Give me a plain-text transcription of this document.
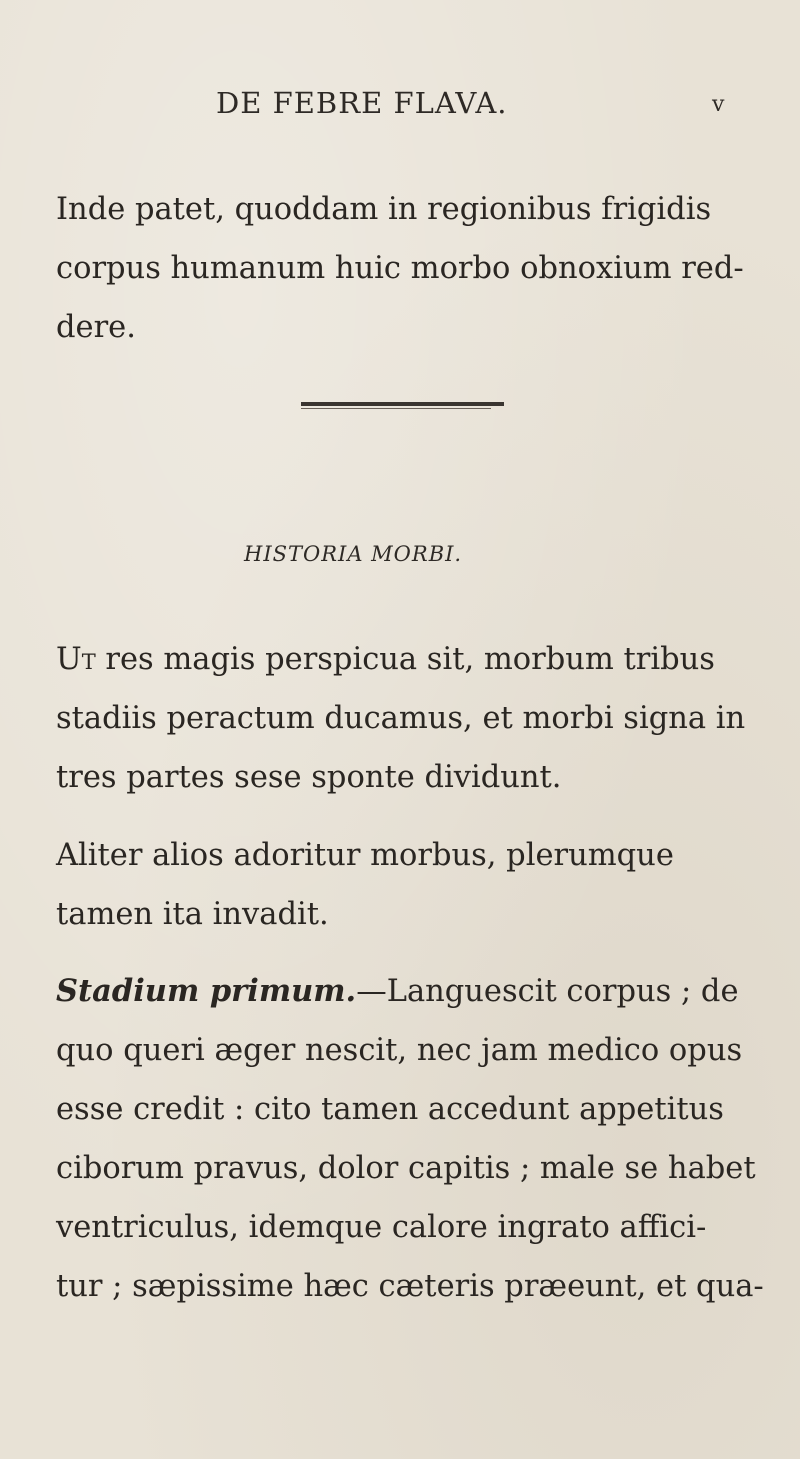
DE FEBRE FLAVA.	v
Inde patet, quoddam in regionibus frigidis
corpus humanum huic morbo obnoxium red-
dere.
HISTORIA MORBI.
Ut res magis perspicua sit, morbum tribus
stadiis peractum ducamus, et morbi signa in
tres partes sese sponte dividunt.
Aliter alios adoritur morbus, plerumque
tamen ita invadit.
Stadium primum.—Languescit corpus ; de
quo queri æger nescit, nec jam medico opus
esse credit : cito tamen accedunt appetitus
ciborum pravus, dolor capitis ; male se habet
ventriculus, idemque calore ingrato affici-
tur ; sæpissime hæc cæteris præeunt, et qua-
